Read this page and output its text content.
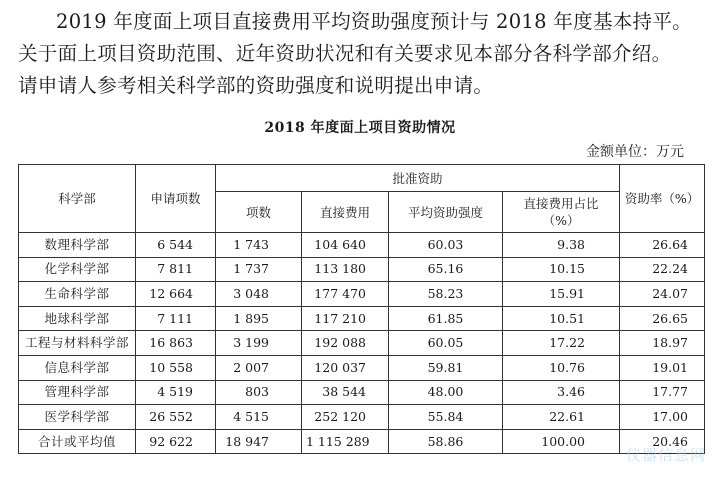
2019 年度面上项目直接费用平均资助强度预计与 2018 年度基本持平。
关于面上项目资助范围、近年资助状况和有关要求见本部分各科学部介绍。
请申请人参考相关科学部的资助强度和说明提出申请。
2018 年度面上项目资助情况
金额单位：万元
科学部	申请项数	批准资助				资助率（%）
		项数	直接费用	平均资助强度	直接费用占比
（%）	

数理科学部	6 544	1 743	104 640	60.03	9.38	26.64
化学科学部	7 811	1 737	113 180	65.16	10.15	22.24
生命科学部	12 664	3 048	177 470	58.23	15.91	24.07
地球科学部	7 111	1 895	117 210	61.85	10.51	26.65
工程与材料科学部	16 863	3 199	192 088	60.05	17.22	18.97
信息科学部	10 558	2 007	120 037	59.81	10.76	19.01
管理科学部	4 519	803	38 544	48.00	3.46	17.77
医学科学部	26 552	4 515	252 120	55.84	22.61	17.00
合计或平均值	92 622	18 947	1 115 289	58.86	100.00	20.46
仪器信息网
